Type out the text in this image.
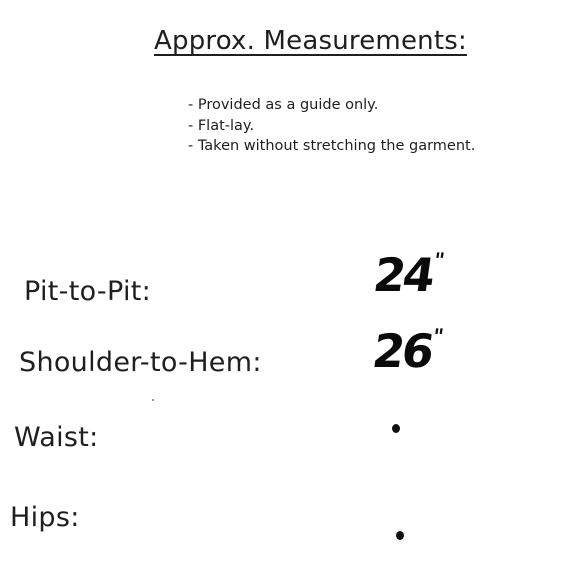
Approx. Measurements:
- Provided as a guide only.
- Flat-lay.
- Taken without stretching the garment.
Pit-to-Pit:	24"
Shoulder-to-Hem: 26"
Waist:
Hips:
